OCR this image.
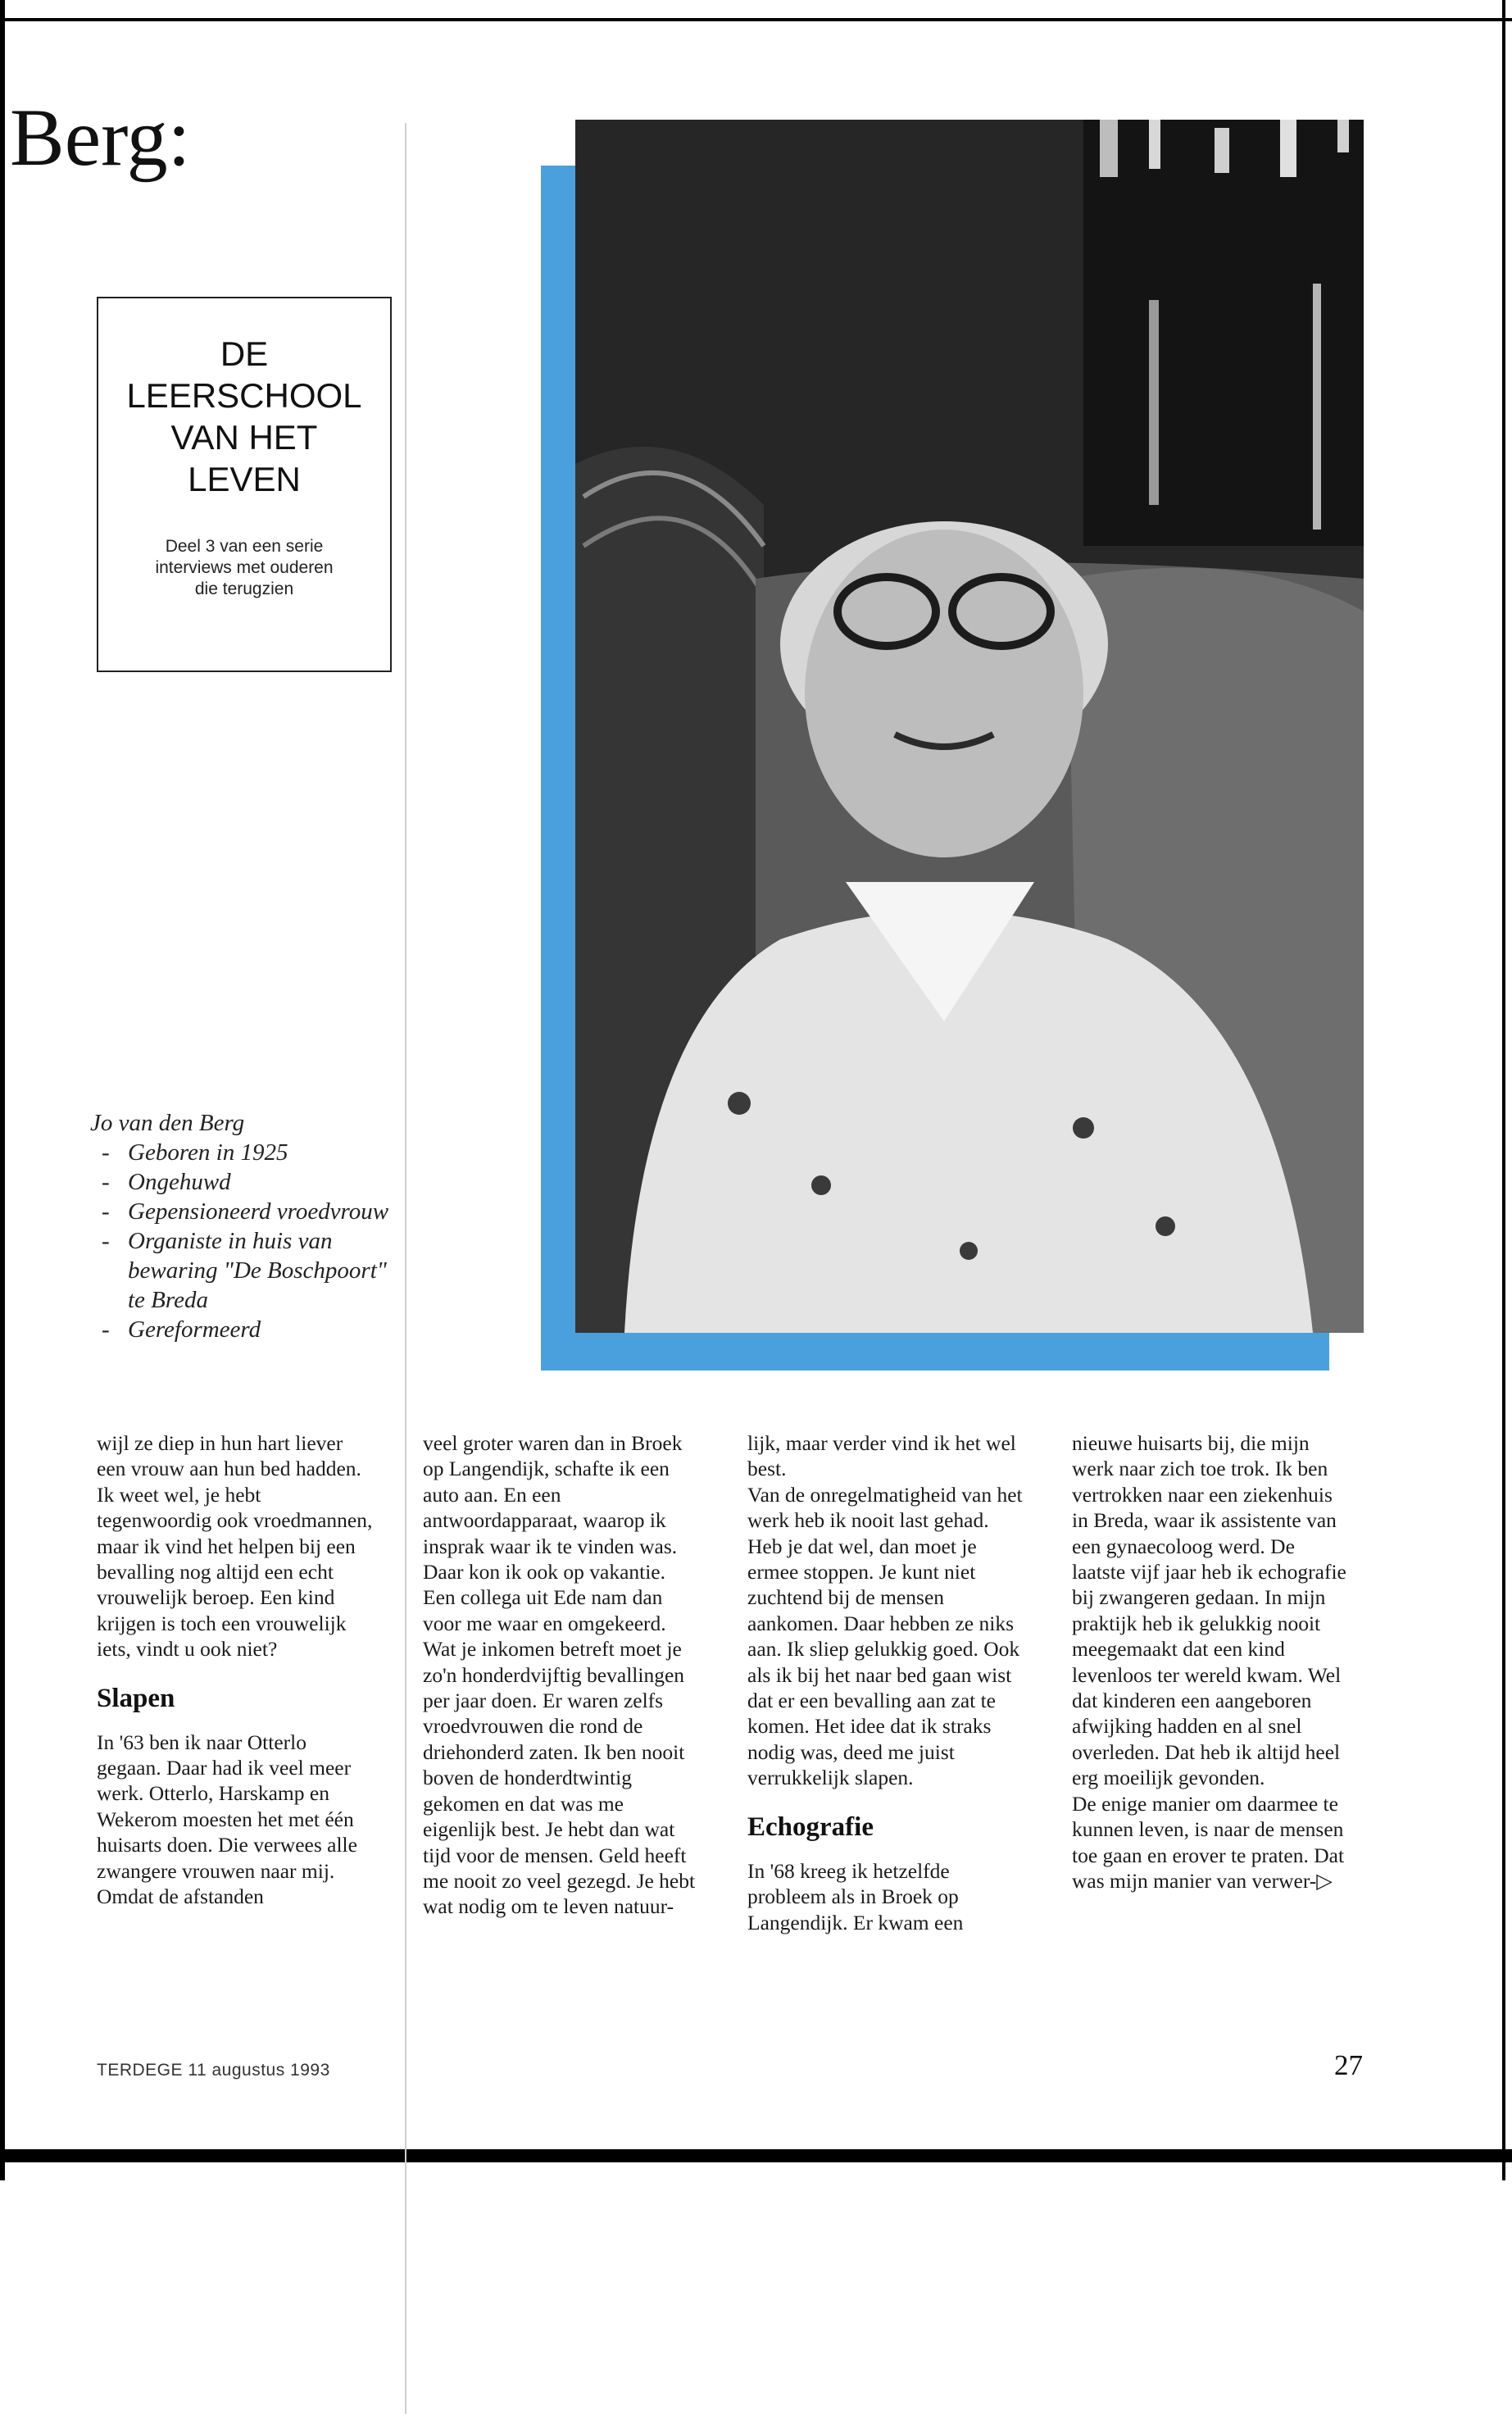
Berg:
DE
LEERSCHOOL
VAN HET
LEVEN

Deel 3 van een serie
interviews met ouderen
die terugzien

Jo van den Berg
- Geboren in 1925
- Ongehuwd
- Gepensioneerd vroedvrouw
- Organiste in huis van bewaring "De Boschpoort" te Breda
- Gereformeerd

wijl ze diep in hun hart liever een vrouw aan hun bed hadden. Ik weet wel, je hebt tegenwoordig ook vroedmannen, maar ik vind het helpen bij een bevalling nog altijd een echt vrouwelijk beroep. Een kind krijgen is toch een vrouwelijk iets, vindt u ook niet?

Slapen

In '63 ben ik naar Otterlo gegaan. Daar had ik veel meer werk. Otterlo, Harskamp en Wekerom moesten het met één huisarts doen. Die verwees alle zwangere vrouwen naar mij. Omdat de afstanden

veel groter waren dan in Broek op Langendijk, schafte ik een auto aan. En een antwoordapparaat, waarop ik insprak waar ik te vinden was. Daar kon ik ook op vakantie. Een collega uit Ede nam dan voor me waar en omgekeerd. Wat je inkomen betreft moet je zo'n honderdvijftig bevallingen per jaar doen. Er waren zelfs vroedvrouwen die rond de driehonderd zaten. Ik ben nooit boven de honderdtwintig gekomen en dat was me eigenlijk best. Je hebt dan wat tijd voor de mensen. Geld heeft me nooit zo veel gezegd. Je hebt wat nodig om te leven natuur-

lijk, maar verder vind ik het wel best.

Van de onregelmatigheid van het werk heb ik nooit last gehad. Heb je dat wel, dan moet je ermee stoppen. Je kunt niet zuchtend bij de mensen aankomen. Daar hebben ze niks aan. Ik sliep gelukkig goed. Ook als ik bij het naar bed gaan wist dat er een bevalling aan zat te komen. Het idee dat ik straks nodig was, deed me juist verrukkelijk slapen.

Echografie

In '68 kreeg ik hetzelfde probleem als in Broek op Langendijk. Er kwam een

nieuwe huisarts bij, die mijn werk naar zich toe trok. Ik ben vertrokken naar een ziekenhuis in Breda, waar ik assistente van een gynaecoloog werd. De laatste vijf jaar heb ik echografie bij zwangeren gedaan. In mijn praktijk heb ik gelukkig nooit meegemaakt dat een kind levenloos ter wereld kwam. Wel dat kinderen een aangeboren afwijking hadden en al snel overleden. Dat heb ik altijd heel erg moeilijk gevonden.

De enige manier om daarmee te kunnen leven, is naar de mensen toe gaan en erover te praten. Dat was mijn manier van verwer-▷

TERDEGE 11 augustus 1993	27
